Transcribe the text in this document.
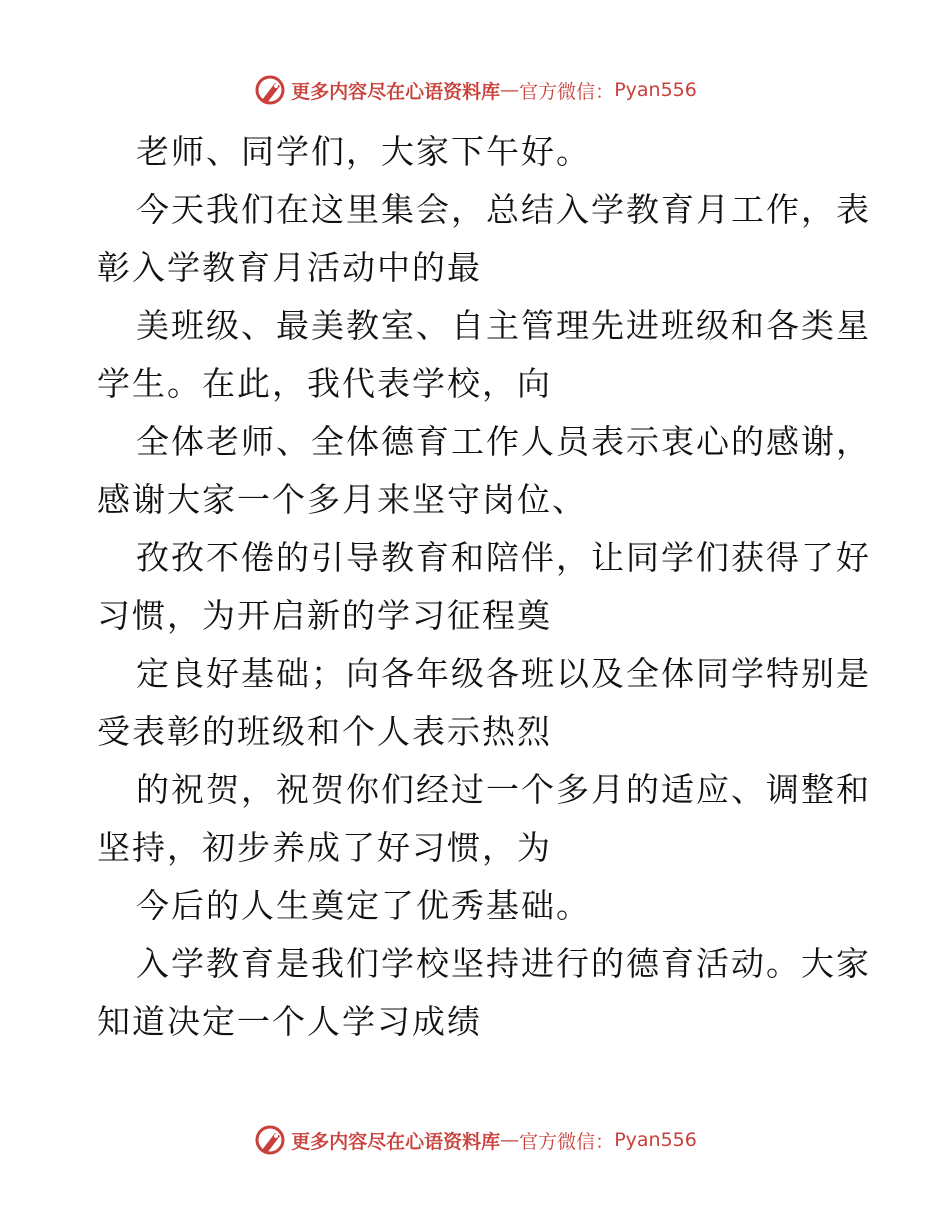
更多内容尽在心语资料库 — 官方微信： Pyan556
老师、同学们，大家下午好。
今天我们在这里集会，总结入学教育月工作，表
彰入学教育月活动中的最
美班级、最美教室、自主管理先进班级和各类星
学生。在此，我代表学校，向
全体老师、全体德育工作人员表示衷心的感谢，
感谢大家一个多月来坚守岗位、
孜孜不倦的引导教育和陪伴，让同学们获得了好
习惯，为开启新的学习征程奠
定良好基础；向各年级各班以及全体同学特别是
受表彰的班级和个人表示热烈
的祝贺，祝贺你们经过一个多月的适应、调整和
坚持，初步养成了好习惯，为
今后的人生奠定了优秀基础。
入学教育是我们学校坚持进行的德育活动。大家
知道决定一个人学习成绩
更多内容尽在心语资料库 — 官方微信： Pyan556
